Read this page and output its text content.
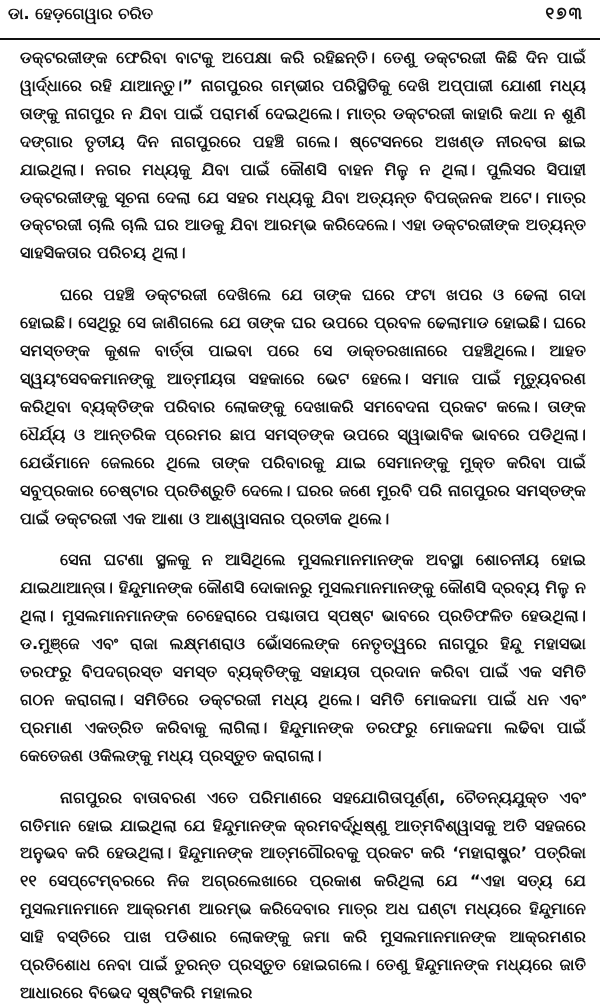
ଡା. ହେଡ଼ଗେୱାର ଚରିତ	୧୭୩

ଡକ୍ଟରଜୀଙ୍କ ଫେରିବା ବାଟକୁ ଅପେକ୍ଷା କରି ରହିଛନ୍ତି। ତେଣୁ ଡକ୍ଟରଜୀ କିଛି ଦିନ ପାଇଁ ୱାର୍ଦ୍ଧାରେ ରହି ଯାଆନ୍ତୁ।” ନାଗପୁରର ଗମ୍ଭୀର ପରିସ୍ଥିତିକୁ ଦେଖି ଅପ୍ପାଜୀ ଯୋଶୀ ମଧ୍ୟ ତାଙ୍କୁ ନାଗପୁର ନ ଯିବା ପାଇଁ ପରାମର୍ଶ ଦେଇଥିଲେ। ମାତ୍ର ଡକ୍ଟରଜୀ କାହାରି କଥା ନ ଶୁଣି ଦଙ୍ଗାର ତୃତୀୟ ଦିନ ନାଗପୁରରେ ପହଞ୍ଚି ଗଲେ। ଷ୍ଟେସନରେ ଅଖଣ୍ଡ ନୀରବତା ଛାଇ ଯାଇଥିଲା। ନଗର ମଧ୍ୟକୁ ଯିବା ପାଇଁ କୌଣସି ବାହନ ମିଳୁ ନ ଥିଲା। ପୁଲିସର ସିପାହୀ ଡକ୍ଟରଜୀଙ୍କୁ ସୂଚନା ଦେଲା ଯେ ସହର ମଧ୍ୟକୁ ଯିବା ଅତ୍ୟନ୍ତ ବିପଜ୍ଜନକ ଅଟେ। ମାତ୍ର ଡକ୍ଟରଜୀ ଚାଲି ଚାଲି ଘର ଆଡକୁ ଯିବା ଆରମ୍ଭ କରିଦେଲେ। ଏହା ଡକ୍ଟରଜୀଙ୍କ ଅତ୍ୟନ୍ତ ସାହସିକତାର ପରିଚୟ ଥିଲା।

ଘରେ ପହଞ୍ଚି ଡକ୍ଟରଜୀ ଦେଖିଲେ ଯେ ତାଙ୍କ ଘରେ ଫଟା ଖପର ଓ ଢେଲା ଗଦା ହୋଇଛି। ସେଥିରୁ ସେ ଜାଣିଗଲେ ଯେ ତାଙ୍କ ଘର ଉପରେ ପ୍ରବଳ ଢେଲାମାଡ ହୋଇଛି। ଘରେ ସମସ୍ତଙ୍କ କୁଶଳ ବାର୍ତ୍ତା ପାଇବା ପରେ ସେ ଡାକ୍ତରଖାନାରେ ପହଞ୍ଚିଥିଲେ। ଆହତ ସ୍ୱୟଂସେବକମାନଙ୍କୁ ଆତ୍ମୀୟତା ସହକାରେ ଭେଟ ହେଲେ। ସମାଜ ପାଇଁ ମୃତ୍ୟୁବରଣ କରିଥିବା ବ୍ୟକ୍ତିଙ୍କ ପରିବାର ଲୋକଙ୍କୁ ଦେଖାକରି ସମବେଦନା ପ୍ରକଟ କଲେ। ତାଙ୍କ ଧୈର୍ଯ୍ୟ ଓ ଆନ୍ତରିକ ପ୍ରେମର ଛାପ ସମସ୍ତଙ୍କ ଉପରେ ସ୍ୱାଭାବିକ ଭାବରେ ପଡିଥିଲା। ଯେଉଁମାନେ ଜେଲରେ ଥିଲେ ତାଙ୍କ ପରିବାରକୁ ଯାଇ ସେମାନଙ୍କୁ ମୁକ୍ତ କରିବା ପାଇଁ ସବୁପ୍ରକାର ଚେଷ୍ଟାର ପ୍ରତିଶ୍ରୁତି ଦେଲେ। ଘରର ଜଣେ ମୁରବି ପରି ନାଗପୁରର ସମସ୍ତଙ୍କ ପାଇଁ ଡକ୍ଟରଜୀ ଏକ ଆଶା ଓ ଆଶ୍ୱାସନାର ପ୍ରତୀକ ଥିଲେ।

ସେନା ଘଟଣା ସ୍ଥଳକୁ ନ ଆସିଥିଲେ ମୁସଲମାନମାନଙ୍କ ଅବସ୍ଥା ଶୋଚନୀୟ ହୋଇ ଯାଇଥାଆନ୍ତା। ହିନ୍ଦୁମାନଙ୍କ କୌଣସି ଦୋକାନରୁ ମୁସଲମାନମାନଙ୍କୁ କୌଣସି ଦ୍ରବ୍ୟ ମିଳୁ ନ ଥିଲା। ମୁସଲମାନମାନଙ୍କ ଚେହେରାରେ ପଶ୍ଚାତାପ ସ୍ପଷ୍ଟ ଭାବରେ ପ୍ରତିଫଳିତ ହେଉଥିଲା। ଡ.ମୁଞ୍ଜେ ଏବଂ ରାଜା ଲକ୍ଷ୍ମଣରାଓ ଭୋଁସଲେଙ୍କ ନେତୃତ୍ୱରେ ନାଗପୁର ହିନ୍ଦୁ ମହାସଭା ତରଫରୁ ବିପଦଗ୍ରସ୍ତ ସମସ୍ତ ବ୍ୟକ୍ତିଙ୍କୁ ସହାୟତା ପ୍ରଦାନ କରିବା ପାଇଁ ଏକ ସମିତି ଗଠନ କରାଗଲା। ସମିତିରେ ଡକ୍ଟରଜୀ ମଧ୍ୟ ଥିଲେ। ସମିତି ମୋକଦ୍ଦମା ପାଇଁ ଧନ ଏବଂ ପ୍ରମାଣ ଏକତ୍ରିତ କରିବାକୁ ଲାଗିଲା। ହିନ୍ଦୁମାନଙ୍କ ତରଫରୁ ମୋକଦ୍ଦମା ଲଢିବା ପାଇଁ କେତେଜଣ ଓକିଲଙ୍କୁ ମଧ୍ୟ ପ୍ରସ୍ତୁତ କରାଗଲା।

ନାଗପୁରର ବାତାବରଣ ଏତେ ପରିମାଣରେ ସହଯୋଗିତାପୂର୍ଣ୍ଣ, ଚୈତନ୍ୟଯୁକ୍ତ ଏବଂ ଗତିମାନ ହୋଇ ଯାଇଥିଲା ଯେ ହିନ୍ଦୁମାନଙ୍କ କ୍ରମବର୍ଦ୍ଧିଷ୍ଣୁ ଆତ୍ମବିଶ୍ୱାସକୁ ଅତି ସହଜରେ ଅନୁଭବ କରି ହେଉଥିଲା। ହିନ୍ଦୁମାନଙ୍କ ଆତ୍ମଗୌରବକୁ ପ୍ରକଟ କରି ‘ମହାରାଷ୍ଟ୍ର’ ପତ୍ରିକା ୧୧ ସେପ୍ଟେମ୍ବରରେ ନିଜ ଅଗ୍ରଲେଖାରେ ପ୍ରକାଶ କରିଥିଲା ଯେ “ଏହା ସତ୍ୟ ଯେ ମୁସଲମାନମାନେ ଆକ୍ରମଣ ଆରମ୍ଭ କରିଦେବାର ମାତ୍ର ଅଧ ଘଣ୍ଟା ମଧ୍ୟରେ ହିନ୍ଦୁମାନେ ସାହି ବସ୍ତିରେ ପାଖ ପଡିଶାର ଲୋକଙ୍କୁ ଜମା କରି ମୁସଲମାନମାନଙ୍କ ଆକ୍ରମଣର ପ୍ରତିଶୋଧ ନେବା ପାଇଁ ତୁରନ୍ତ ପ୍ରସ୍ତୁତ ହୋଇଗଲେ। ତେଣୁ ହିନ୍ଦୁମାନଙ୍କ ମଧ୍ୟରେ ଜାତି ଆଧାରରେ ବିଭେଦ ସୃଷ୍ଟିକରି ମହାଲର
